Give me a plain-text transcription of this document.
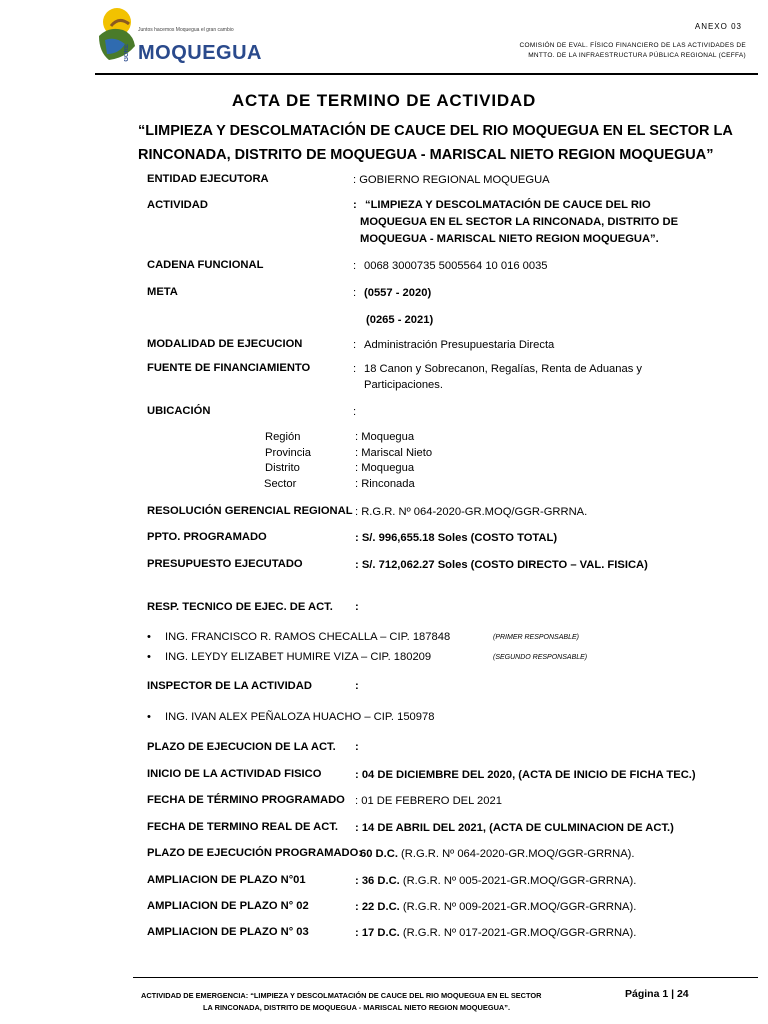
Juntos hacemos Moquegua el gran cambio
GORE MOQUEGUA
ANEXO 03
COMISIÓN DE EVAL. FÍSICO FINANCIERO DE LAS ACTIVIDADES DE
MNTTO. DE LA INFRAESTRUCTURA PÚBLICA REGIONAL (CEFFA)
ACTA DE TERMINO DE ACTIVIDAD
“LIMPIEZA Y DESCOLMATACIÓN DE CAUCE DEL RIO MOQUEGUA EN EL SECTOR LA RINCONADA, DISTRITO DE MOQUEGUA - MARISCAL NIETO REGION MOQUEGUA”
ENTIDAD EJECUTORA	: GOBIERNO REGIONAL MOQUEGUA
ACTIVIDAD	: “LIMPIEZA Y DESCOLMATACIÓN DE CAUCE DEL RIO MOQUEGUA EN EL SECTOR LA RINCONADA, DISTRITO DE MOQUEGUA - MARISCAL NIETO REGION MOQUEGUA”.
CADENA FUNCIONAL	: 0068 3000735 5005564 10 016 0035
META	: (0557 - 2020)
(0265 - 2021)
MODALIDAD DE EJECUCION	: Administración Presupuestaria Directa
FUENTE DE FINANCIAMIENTO	: 18 Canon y Sobrecanon, Regalías, Renta de Aduanas y
Participaciones.
UBICACIÓN	:
Región	: Moquegua
Provincia	: Mariscal Nieto
Distrito	: Moquegua
Sector	: Rinconada
RESOLUCIÓN GERENCIAL REGIONAL : R.G.R. Nº 064-2020-GR.MOQ/GGR-GRRNA.
PPTO. PROGRAMADO	: S/. 996,655.18 Soles (COSTO TOTAL)
PRESUPUESTO EJECUTADO	: S/. 712,062.27 Soles (COSTO DIRECTO – VAL. FISICA)
RESP. TECNICO DE EJEC. DE ACT. :
• ING. FRANCISCO R. RAMOS CHECALLA – CIP. 187848	(PRIMER RESPONSABLE)
• ING. LEYDY ELIZABET HUMIRE VIZA – CIP. 180209	(SEGUNDO RESPONSABLE)
INSPECTOR DE LA ACTIVIDAD	:
• ING. IVAN ALEX PEÑALOZA HUACHO – CIP. 150978
PLAZO DE EJECUCION DE LA ACT. :
INICIO DE LA ACTIVIDAD FISICO	: 04 DE DICIEMBRE DEL 2020, (ACTA DE INICIO DE FICHA TEC.)
FECHA DE TÉRMINO PROGRAMADO : 01 DE FEBRERO DEL 2021
FECHA DE TERMINO REAL DE ACT. : 14 DE ABRIL DEL 2021, (ACTA DE CULMINACION DE ACT.)
PLAZO DE EJECUCIÓN PROGRAMADO:
60 D.C. (R.G.R. Nº 064-2020-GR.MOQ/GGR-GRRNA).
AMPLIACION DE PLAZO N°01	: 36 D.C. (R.G.R. Nº 005-2021-GR.MOQ/GGR-GRRNA).
AMPLIACION DE PLAZO N° 02	: 22 D.C. (R.G.R. Nº 009-2021-GR.MOQ/GGR-GRRNA).
AMPLIACION DE PLAZO N° 03	: 17 D.C. (R.G.R. Nº 017-2021-GR.MOQ/GGR-GRRNA).
ACTIVIDAD DE EMERGENCIA: “LIMPIEZA Y DESCOLMATACIÓN DE CAUCE DEL RIO MOQUEGUA EN EL SECTOR
LA RINCONADA, DISTRITO DE MOQUEGUA - MARISCAL NIETO REGION MOQUEGUA”.
Página 1 | 24
